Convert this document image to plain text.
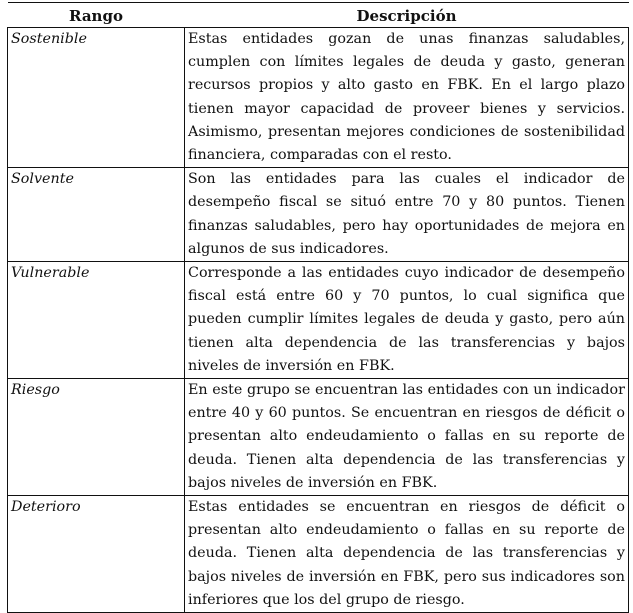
Rango	Descripción
Sostenible	Estas entidades gozan de unas finanzas saludables, cumplen con límites legales de deuda y gasto, generan recursos propios y alto gasto en FBK. En el largo plazo tienen mayor capacidad de proveer bienes y servicios. Asimismo, presentan mejores condiciones de sostenibilidad financiera, comparadas con el resto.
Solvente	Son las entidades para las cuales el indicador de desempeño fiscal se situó entre 70 y 80 puntos. Tienen finanzas saludables, pero hay oportunidades de mejora en algunos de sus indicadores.
Vulnerable	Corresponde a las entidades cuyo indicador de desempeño fiscal está entre 60 y 70 puntos, lo cual significa que pueden cumplir límites legales de deuda y gasto, pero aún tienen alta dependencia de las transferencias y bajos niveles de inversión en FBK.
Riesgo	En este grupo se encuentran las entidades con un indicador entre 40 y 60 puntos. Se encuentran en riesgos de déficit o presentan alto endeudamiento o fallas en su reporte de deuda. Tienen alta dependencia de las transferencias y bajos niveles de inversión en FBK.
Deterioro	Estas entidades se encuentran en riesgos de déficit o presentan alto endeudamiento o fallas en su reporte de deuda. Tienen alta dependencia de las transferencias y bajos niveles de inversión en FBK, pero sus indicadores son inferiores que los del grupo de riesgo.
